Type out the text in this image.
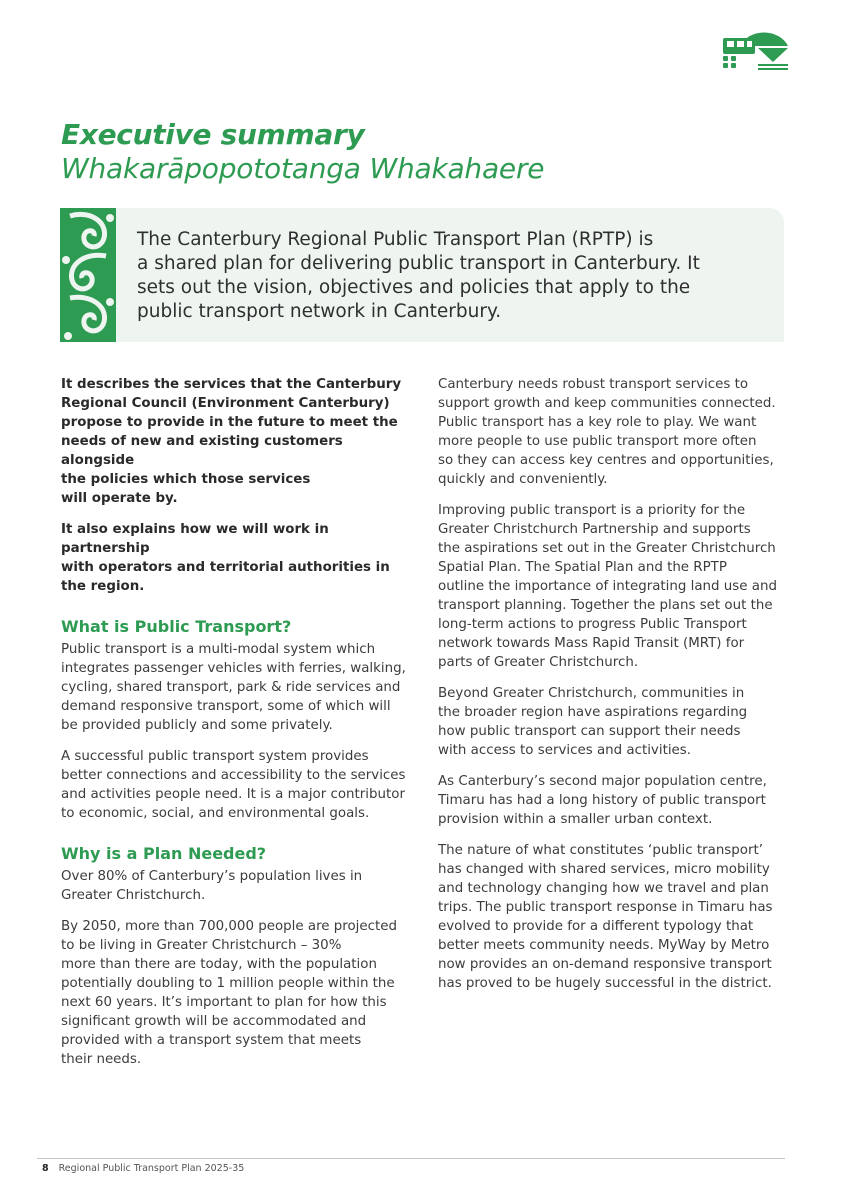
Executive summary
Whakarāpopototanga Whakahaere

The Canterbury Regional Public Transport Plan (RPTP) is
a shared plan for delivering public transport in Canterbury. It
sets out the vision, objectives and policies that apply to the
public transport network in Canterbury.

It describes the services that the Canterbury
Regional Council (Environment Canterbury)
propose to provide in the future to meet the
needs of new and existing customers alongside
the policies which those services
will operate by.

It also explains how we will work in partnership
with operators and territorial authorities in
the region.

What is Public Transport?

Public transport is a multi-modal system which
integrates passenger vehicles with ferries, walking,
cycling, shared transport, park & ride services and
demand responsive transport, some of which will
be provided publicly and some privately.

A successful public transport system provides
better connections and accessibility to the services
and activities people need. It is a major contributor
to economic, social, and environmental goals.

Why is a Plan Needed?

Over 80% of Canterbury’s population lives in
Greater Christchurch.

By 2050, more than 700,000 people are projected
to be living in Greater Christchurch – 30%
more than there are today, with the population
potentially doubling to 1 million people within the
next 60 years. It’s important to plan for how this
significant growth will be accommodated and
provided with a transport system that meets
their needs.

Canterbury needs robust transport services to
support growth and keep communities connected.
Public transport has a key role to play. We want
more people to use public transport more often
so they can access key centres and opportunities,
quickly and conveniently.

Improving public transport is a priority for the
Greater Christchurch Partnership and supports
the aspirations set out in the Greater Christchurch
Spatial Plan. The Spatial Plan and the RPTP
outline the importance of integrating land use and
transport planning. Together the plans set out the
long-term actions to progress Public Transport
network towards Mass Rapid Transit (MRT) for
parts of Greater Christchurch.

Beyond Greater Christchurch, communities in
the broader region have aspirations regarding
how public transport can support their needs
with access to services and activities.

As Canterbury’s second major population centre,
Timaru has had a long history of public transport
provision within a smaller urban context.

The nature of what constitutes ‘public transport’
has changed with shared services, micro mobility
and technology changing how we travel and plan
trips. The public transport response in Timaru has
evolved to provide for a different typology that
better meets community needs. MyWay by Metro
now provides an on-demand responsive transport
has proved to be hugely successful in the district.

8 Regional Public Transport Plan 2025-35
